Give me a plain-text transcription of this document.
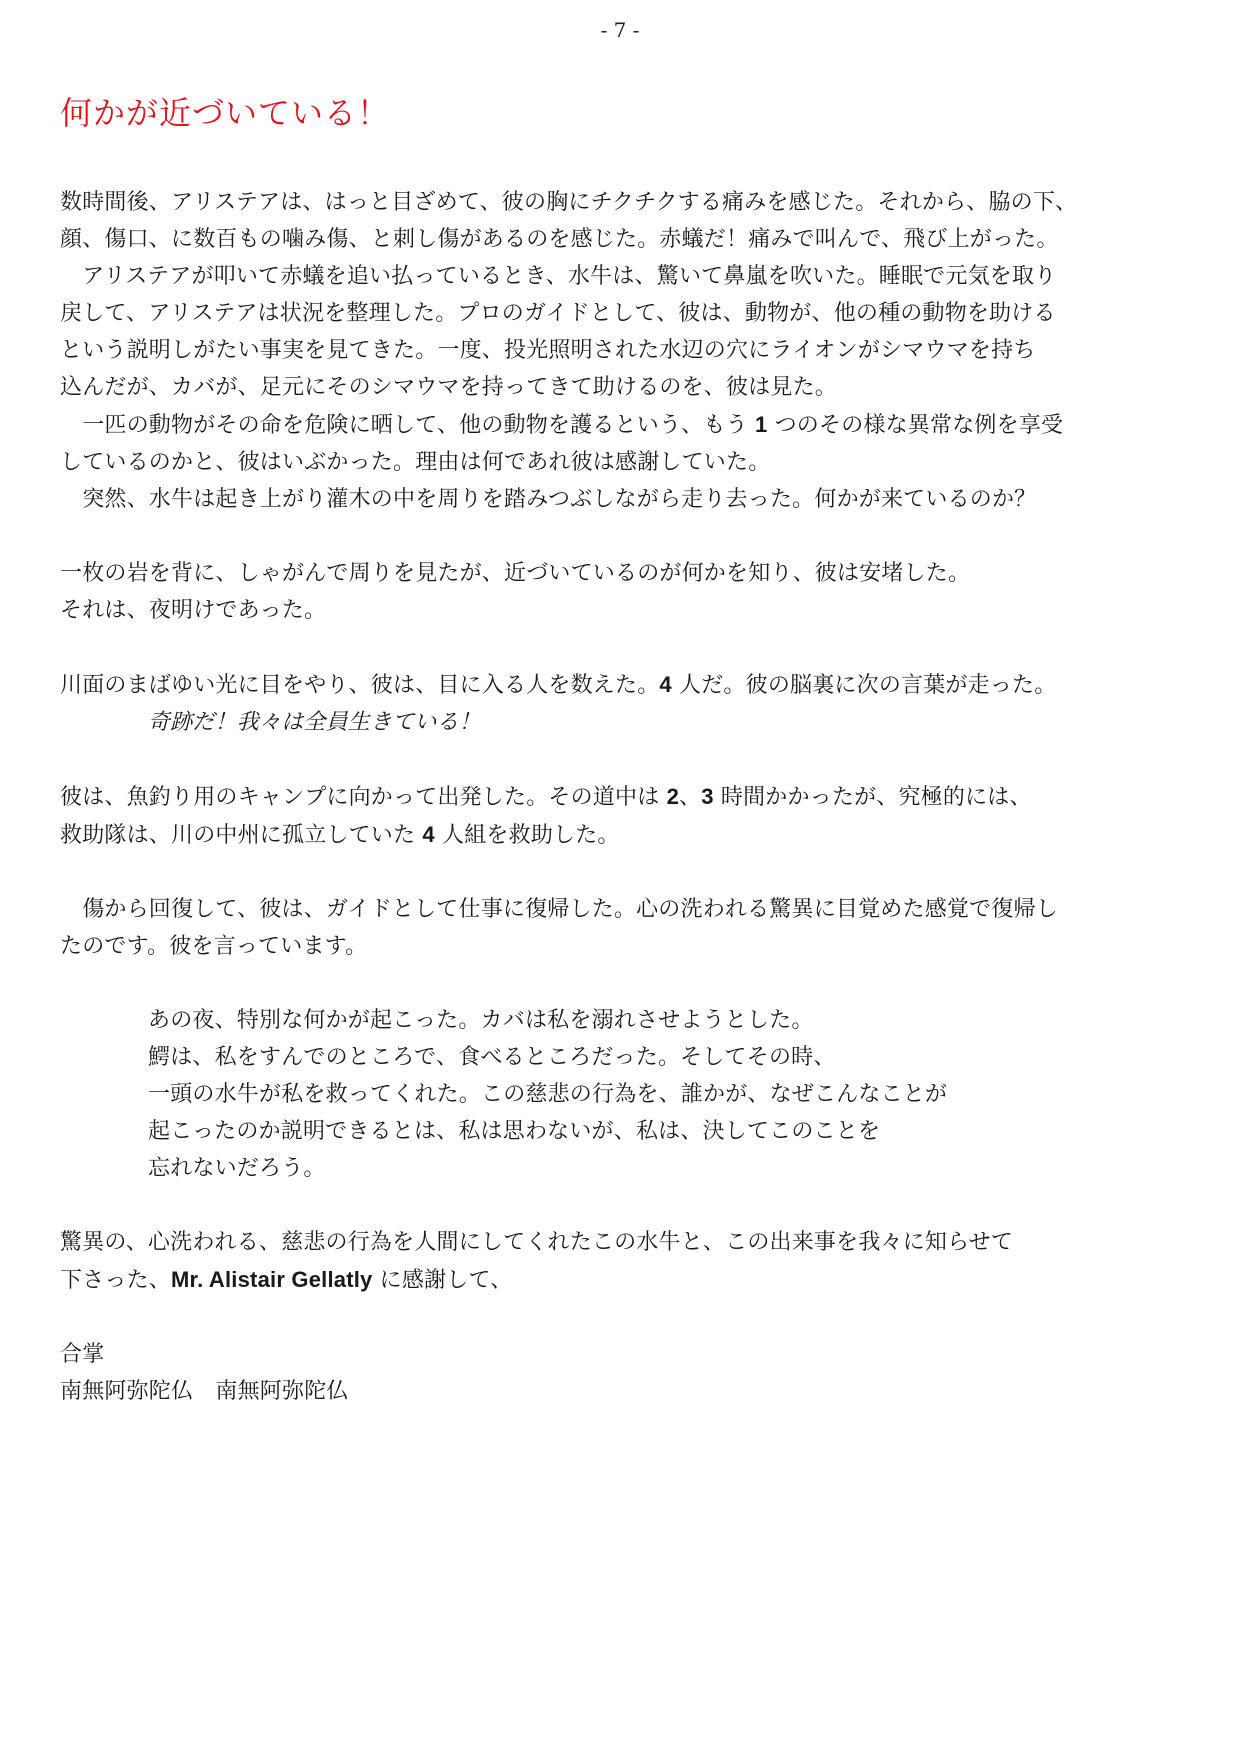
- 7 -
何かが近づいている！

数時間後、アリステアは、はっと目ざめて、彼の胸にチクチクする痛みを感じた。それから、脇の下、

顔、傷口、に数百もの噛み傷、と刺し傷があるのを感じた。赤蟻だ！痛みで叫んで、飛び上がった。

　アリステアが叩いて赤蟻を追い払っているとき、水牛は、驚いて鼻嵐を吹いた。睡眠で元気を取り

戻して、アリステアは状況を整理した。プロのガイドとして、彼は、動物が、他の種の動物を助ける

という説明しがたい事実を見てきた。一度、投光照明された水辺の穴にライオンがシマウマを持ち

込んだが、カバが、足元にそのシマウマを持ってきて助けるのを、彼は見た。

　一匹の動物がその命を危険に晒して、他の動物を護るという、もう 1 つのその様な異常な例を享受

しているのかと、彼はいぶかった。理由は何であれ彼は感謝していた。

　突然、水牛は起き上がり灌木の中を周りを踏みつぶしながら走り去った。何かが来ているのか？

一枚の岩を背に、しゃがんで周りを見たが、近づいているのが何かを知り、彼は安堵した。

それは、夜明けであった。

川面のまばゆい光に目をやり、彼は、目に入る人を数えた。4 人だ。彼の脳裏に次の言葉が走った。

奇跡だ！我々は全員生きている！

彼は、魚釣り用のキャンプに向かって出発した。その道中は 2、3 時間かかったが、究極的には、

救助隊は、川の中州に孤立していた 4 人組を救助した。

　傷から回復して、彼は、ガイドとして仕事に復帰した。心の洗われる驚異に目覚めた感覚で復帰し

たのです。彼を言っています。

あの夜、特別な何かが起こった。カバは私を溺れさせようとした。

鰐は、私をすんでのところで、食べるところだった。そしてその時、

一頭の水牛が私を救ってくれた。この慈悲の行為を、誰かが、なぜこんなことが

起こったのか説明できるとは、私は思わないが、私は、決してこのことを

忘れないだろう。

驚異の、心洗われる、慈悲の行為を人間にしてくれたこの水牛と、この出来事を我々に知らせて

下さった、Mr. Alistair Gellatly に感謝して、

合掌

南無阿弥陀仏　南無阿弥陀仏
